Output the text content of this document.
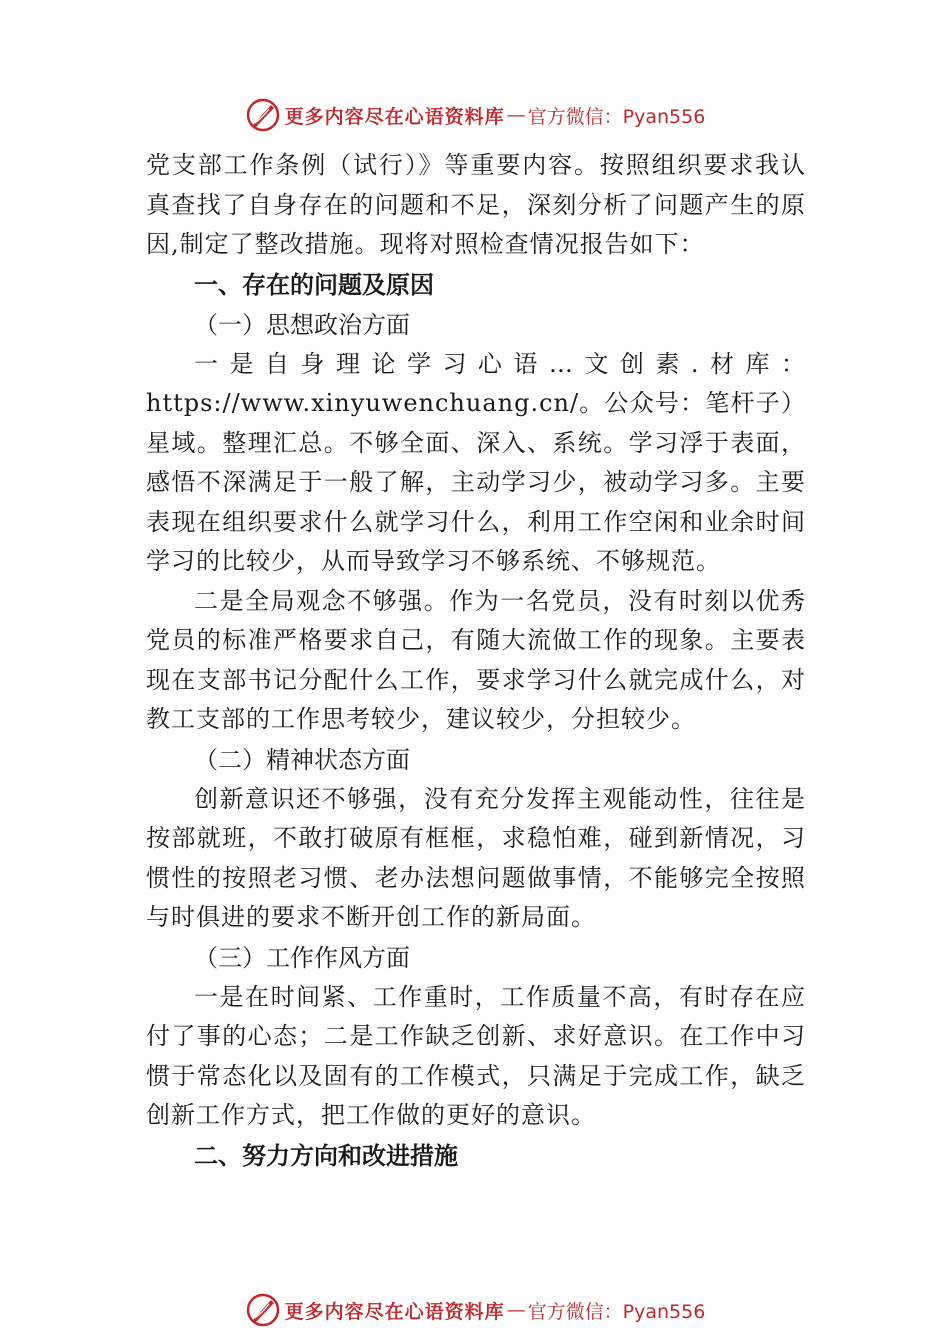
更多内容尽在心语资料库 — 官方微信：Pyan556

党支部工作条例（试行）》等重要内容。按照组织要求我认真查找了自身存在的问题和不足，深刻分析了问题产生的原因,制定了整改措施。现将对照检查情况报告如下：

一、存在的问题及原因

（一）思想政治方面

一是自身理论学习心语…文创素.材库：https://www.xinyuwenchuang.cn/。公众号：笔杆子）星域。整理汇总。不够全面、深入、系统。学习浮于表面，感悟不深满足于一般了解，主动学习少，被动学习多。主要表现在组织要求什么就学习什么，利用工作空闲和业余时间学习的比较少，从而导致学习不够系统、不够规范。

二是全局观念不够强。作为一名党员，没有时刻以优秀党员的标准严格要求自己，有随大流做工作的现象。主要表现在支部书记分配什么工作，要求学习什么就完成什么，对教工支部的工作思考较少，建议较少，分担较少。

（二）精神状态方面

创新意识还不够强，没有充分发挥主观能动性，往往是按部就班，不敢打破原有框框，求稳怕难，碰到新情况，习惯性的按照老习惯、老办法想问题做事情，不能够完全按照与时俱进的要求不断开创工作的新局面。

（三）工作作风方面

一是在时间紧、工作重时，工作质量不高，有时存在应付了事的心态；二是工作缺乏创新、求好意识。在工作中习惯于常态化以及固有的工作模式，只满足于完成工作，缺乏创新工作方式，把工作做的更好的意识。

二、努力方向和改进措施

更多内容尽在心语资料库 — 官方微信：Pyan556
